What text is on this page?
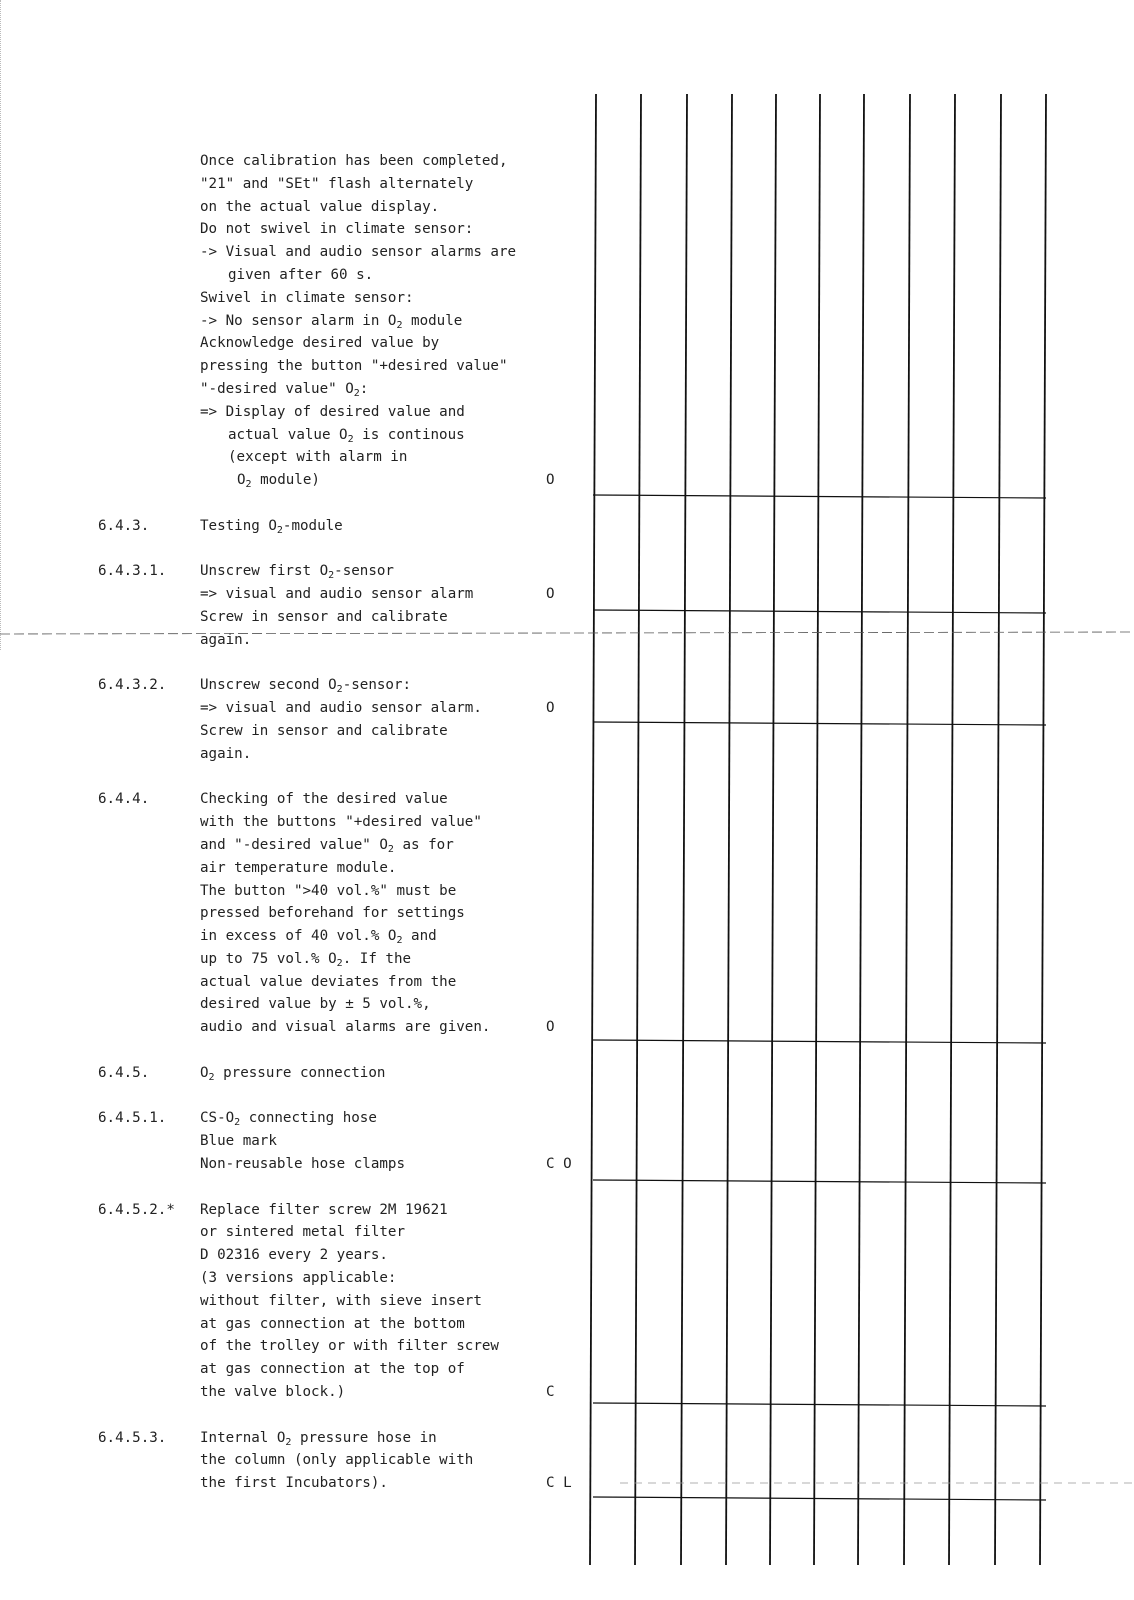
Once calibration has been completed,
"21" and "SEt" flash alternately
on the actual value display.
Do not swivel in climate sensor:
-> Visual and audio sensor alarms are
given after 60 s.
Swivel in climate sensor:
-> No sensor alarm in $O_2$ module
Acknowledge desired value by
pressing the button "+desired value"
"-desired value" $O_2$:
=> Display of desired value and
actual value $O_2$ is continous
(except with alarm in
$O_2$ module)	O
6.4.3.	Testing $O_2$-module
6.4.3.1. Unscrew first $O_2$-sensor
=> visual and audio sensor alarm	O
Screw in sensor and calibrate
again.
6.4.3.2. Unscrew second $O_2$-sensor:
=> visual and audio sensor alarm.	O
Screw in sensor and calibrate
again.
6.4.4.	Checking of the desired value
with the buttons "+desired value"
and "-desired value" $O_2$ as for
air temperature module.
The button ">40 vol.%" must be
pressed beforehand for settings
in excess of 40 vol.% $O_2$ and
up to 75 vol.% $O_2$. If the
actual value deviates from the
desired value by ± 5 vol.%,
audio and visual alarms are given.	O
6.4.5.	$O_2$ pressure connection
6.4.5.1. $CS-O_2$ connecting hose
Blue mark
Non-reusable hose clamps	C O
6.4.5.2.* Replace filter screw 2M 19621
or sintered metal filter
D 02316 every 2 years.
(3 versions applicable:
without filter, with sieve insert
at gas connection at the bottom
of the trolley or with filter screw
at gas connection at the top of
the valve block.)	C
6.4.5.3. Internal $O_2$ pressure hose in
the column (only applicable with
the first Incubators).	C L
